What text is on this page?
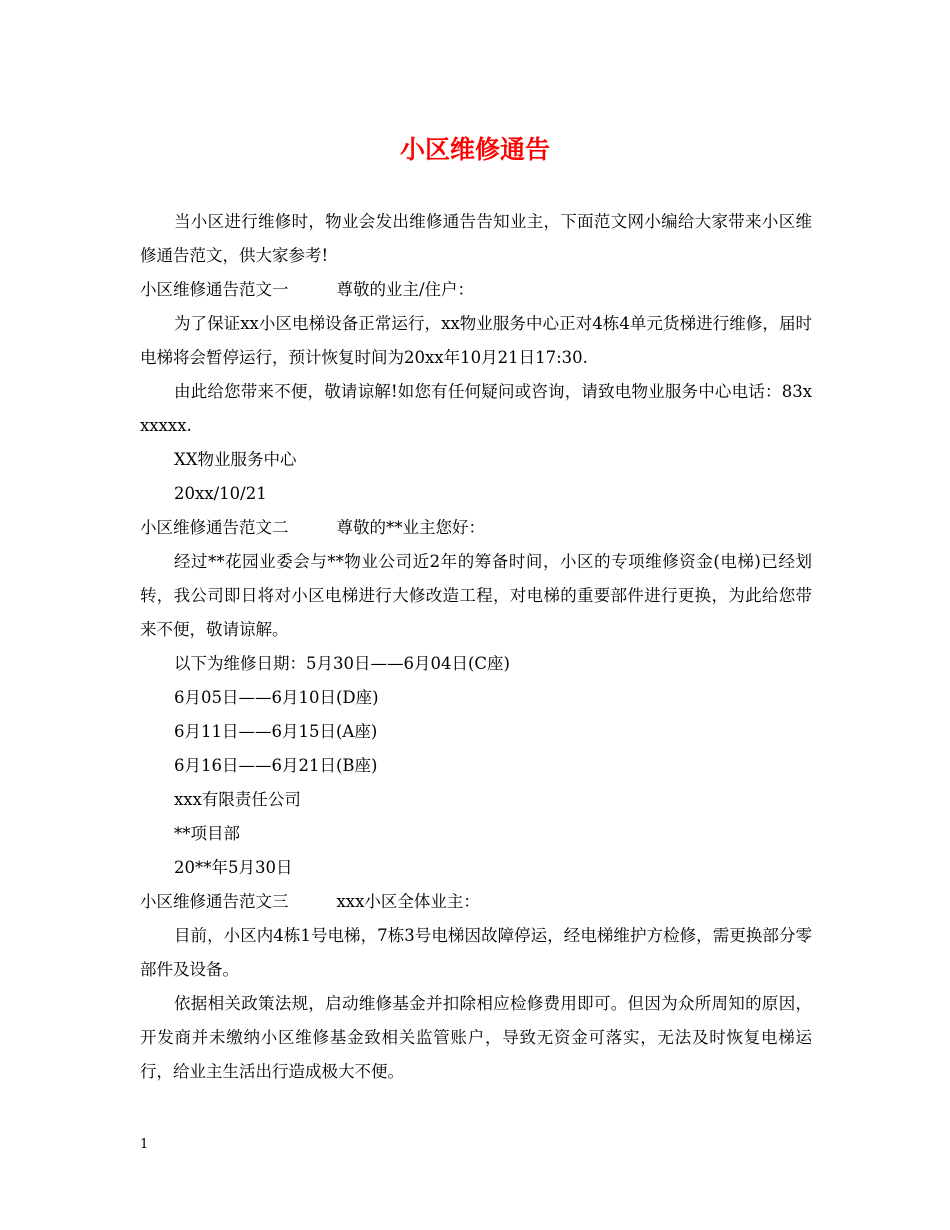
小区维修通告

当小区进行维修时，物业会发出维修通告告知业主，下面范文网小编给大家带来小区维修通告范文，供大家参考!

小区维修通告范文一	尊敬的业主/住户：

为了保证xx小区电梯设备正常运行，xx物业服务中心正对4栋4单元货梯进行维修，届时电梯将会暂停运行，预计恢复时间为20xx年10月21日17:30.

由此给您带来不便，敬请谅解!如您有任何疑问或咨询，请致电物业服务中心电话：83xxxxxx.

XX物业服务中心

20xx/10/21

小区维修通告范文二	尊敬的**业主您好：

经过**花园业委会与**物业公司近2年的筹备时间，小区的专项维修资金(电梯)已经划转，我公司即日将对小区电梯进行大修改造工程，对电梯的重要部件进行更换，为此给您带来不便，敬请谅解。

以下为维修日期：5月30日——6月04日(C座)

6月05日——6月10日(D座)

6月11日——6月15日(A座)

6月16日——6月21日(B座)

xxx有限责任公司

**项目部

20**年5月30日

小区维修通告范文三	xxx小区全体业主：

目前，小区内4栋1号电梯，7栋3号电梯因故障停运，经电梯维护方检修，需更换部分零部件及设备。

依据相关政策法规，启动维修基金并扣除相应检修费用即可。但因为众所周知的原因，开发商并未缴纳小区维修基金致相关监管账户，导致无资金可落实，无法及时恢复电梯运行，给业主生活出行造成极大不便。

1
